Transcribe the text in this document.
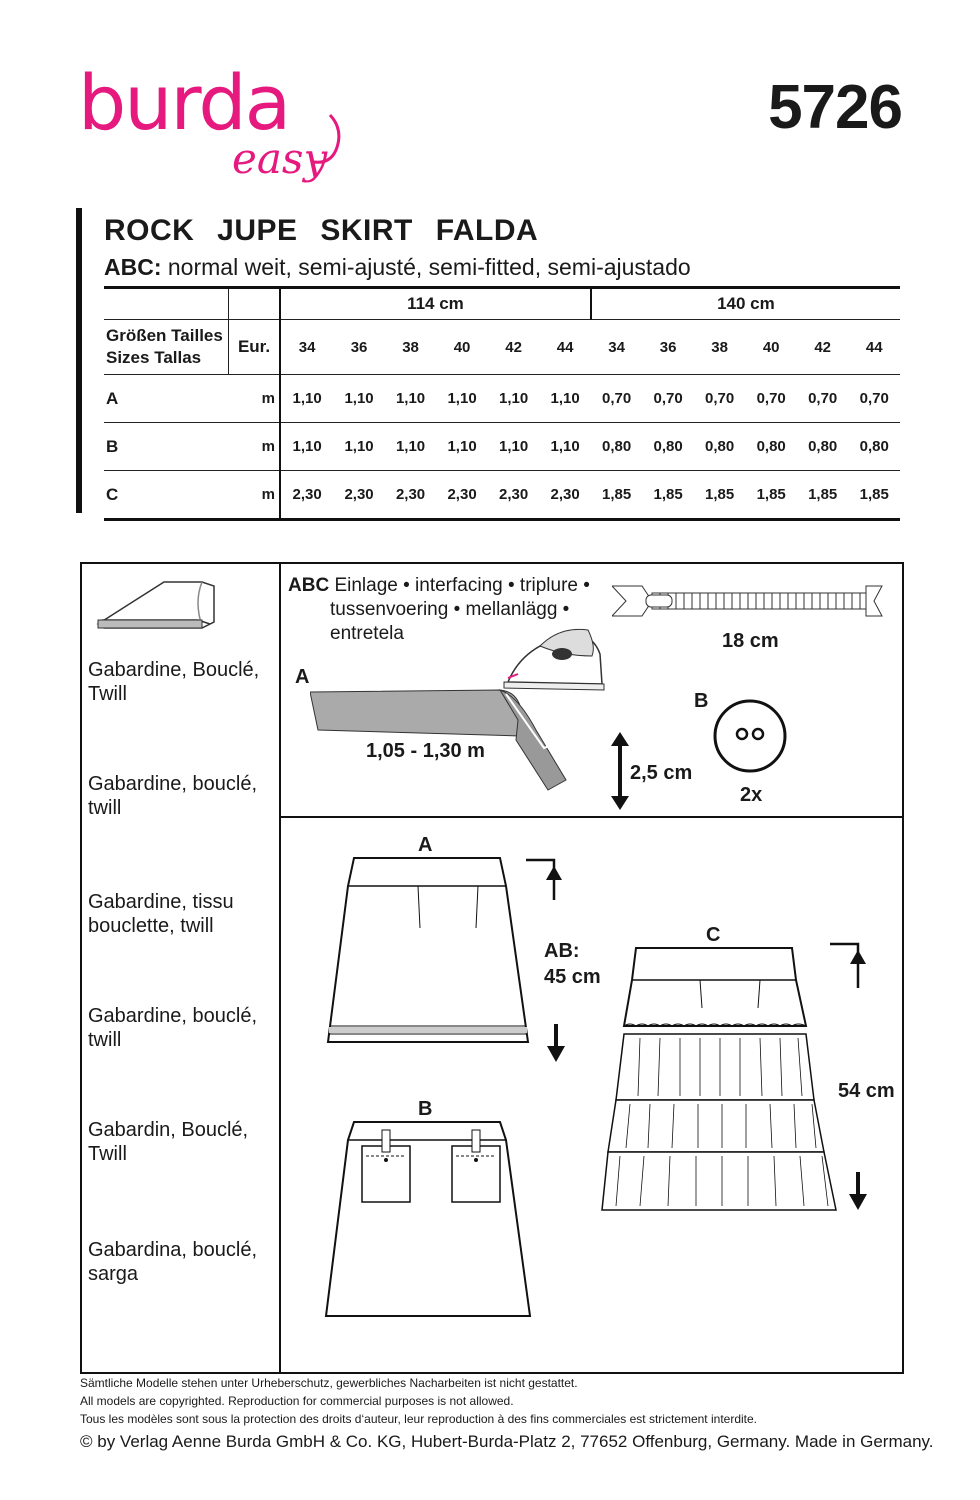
burda
easy
5726
ROCK JUPE SKIRT FALDA
ABC: normal weit, semi-ajusté, semi-fitted, semi-ajustado
		114 cm						140 cm					

Größen Tailles
Sizes Tallas	Eur.	34	36	38	40	42	44	34	36	38	40	42	44
A	m	1,10	1,10	1,10	1,10	1,10	1,10	0,70	0,70	0,70	0,70	0,70	0,70
B	m	1,10	1,10	1,10	1,10	1,10	1,10	0,80	0,80	0,80	0,80	0,80	0,80
C	m	2,30	2,30	2,30	2,30	2,30	2,30	1,85	1,85	1,85	1,85	1,85	1,85
Gabardine, Bouclé, Twill
Gabardine, bouclé, twill
Gabardine, tissu bouclette, twill
Gabardine, bouclé, twill
Gabardin, Bouclé, Twill
Gabardina, bouclé, sarga
ABC Einlage • interfacing • triplure •
tussenvoering • mellanlägg •
entretela	18 cm
A
1,05 - 1,30 m
2,5 cm
B
2x
A
AB:
45 cm
B
C
54 cm
Sämtliche Modelle stehen unter Urheberschutz, gewerbliches Nacharbeiten ist nicht gestattet.
All models are copyrighted. Reproduction for commercial purposes is not allowed.
Tous les modèles sont sous la protection des droits d‘auteur, leur reproduction à des fins commerciales est strictement interdite.
© by Verlag Aenne Burda GmbH & Co. KG, Hubert-Burda-Platz 2, 77652 Offenburg, Germany. Made in Germany.
